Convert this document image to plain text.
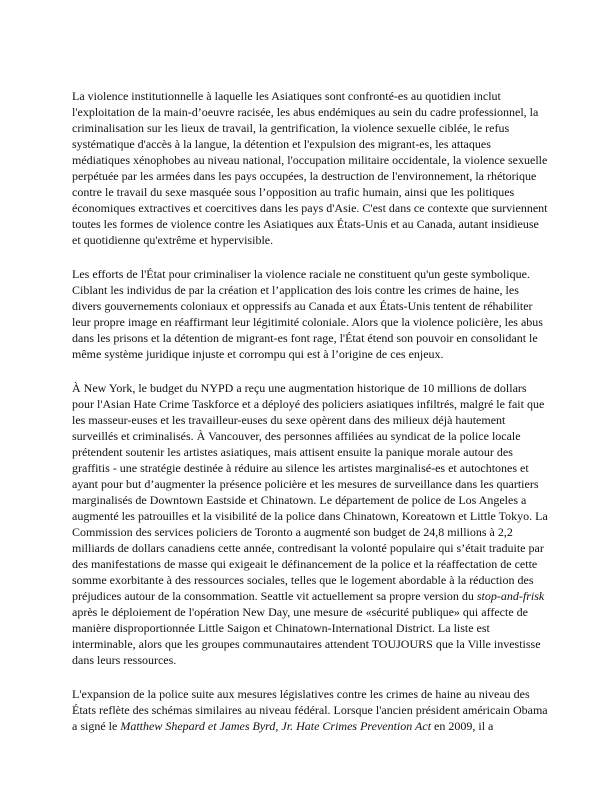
La violence institutionnelle à laquelle les Asiatiques sont confronté-es au quotidien inclut l'exploitation de la main-d’oeuvre racisée, les abus endémiques au sein du cadre professionnel, la criminalisation sur les lieux de travail, la gentrification, la violence sexuelle ciblée, le refus systématique d'accès à la langue, la détention et l'expulsion des migrant-es, les attaques médiatiques xénophobes au niveau national, l'occupation militaire occidentale, la violence sexuelle perpétuée par les armées dans les pays occupées, la destruction de l'environnement, la rhétorique contre le travail du sexe masquée sous l’opposition au trafic humain, ainsi que les politiques économiques extractives et coercitives dans les pays d'Asie. C'est dans ce contexte que surviennent toutes les formes de violence contre les Asiatiques aux États-Unis et au Canada, autant insidieuse et quotidienne qu'extrême et hypervisible.

Les efforts de l'État pour criminaliser la violence raciale ne constituent qu'un geste symbolique. Ciblant les individus de par la création et l’application des lois contre les crimes de haine, les divers gouvernements coloniaux et oppressifs au Canada et aux États-Unis tentent de réhabiliter leur propre image en réaffirmant leur légitimité coloniale. Alors que la violence policière, les abus dans les prisons et la détention de migrant-es font rage, l'État étend son pouvoir en consolidant le même système juridique injuste et corrompu qui est à l’origine de ces enjeux.

À New York, le budget du NYPD a reçu une augmentation historique de 10 millions de dollars pour l'Asian Hate Crime Taskforce et a déployé des policiers asiatiques infiltrés, malgré le fait que les masseur-euses et les travailleur-euses du sexe opèrent dans des milieux déjà hautement surveillés et criminalisés. À Vancouver, des personnes affiliées au syndicat de la police locale prétendent soutenir les artistes asiatiques, mais attisent ensuite la panique morale autour des graffitis - une stratégie destinée à réduire au silence les artistes marginalisé-es et autochtones et ayant pour but d’augmenter la présence policière et les mesures de surveillance dans les quartiers marginalisés de Downtown Eastside et Chinatown. Le département de police de Los Angeles a augmenté les patrouilles et la visibilité de la police dans Chinatown, Koreatown et Little Tokyo. La Commission des services policiers de Toronto a augmenté son budget de 24,8 millions à 2,2 milliards de dollars canadiens cette année, contredisant la volonté populaire qui s’était traduite par des manifestations de masse qui exigeait le définancement de la police et la réaffectation de cette somme exorbitante à des ressources sociales, telles que le logement abordable à la réduction des préjudices autour de la consommation. Seattle vit actuellement sa propre version du stop-and-frisk après le déploiement de l'opération New Day, une mesure de «sécurité publique» qui affecte de manière disproportionnée Little Saigon et Chinatown-International District. La liste est interminable, alors que les groupes communautaires attendent TOUJOURS que la Ville investisse dans leurs ressources.

L'expansion de la police suite aux mesures législatives contre les crimes de haine au niveau des États reflète des schémas similaires au niveau fédéral. Lorsque l'ancien président américain Obama a signé le Matthew Shepard et James Byrd, Jr. Hate Crimes Prevention Act en 2009, il a
